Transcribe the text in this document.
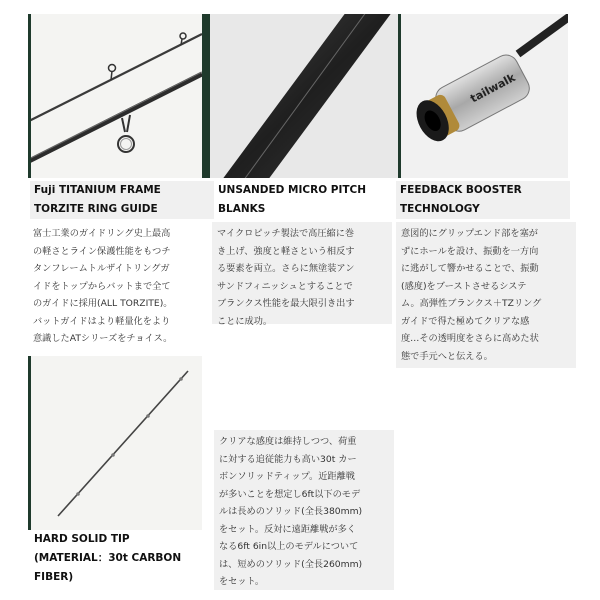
tailwalk
Fuji TITANIUM FRAME
TORZITE RING GUIDE
UNSANDED MICRO PITCH
BLANKS
FEEDBACK BOOSTER
TECHNOLOGY
HARD SOLID TIP
(MATERIAL：30t CARBON
FIBER)
富士工業のガイドリング史上最高
の軽さとライン保護性能をもつチ
タンフレームトルザイトリングガ
イドをトップからバットまで全て
のガイドに採用(ALL TORZITE)。
バットガイドはより軽量化をより
意識したATシリーズをチョイス。
マイクロピッチ製法で高圧縮に巻
き上げ、強度と軽さという相反す
る要素を両立。さらに無塗装アン
サンドフィニッシュとすることで
ブランクス性能を最大限引き出す
ことに成功。
意図的にグリップエンド部を塞が
ずにホールを設け、振動を一方向
に逃がして響かせることで、振動
(感度)をブーストさせるシステ
ム。高弾性ブランクス＋TZリング
ガイドで得た極めてクリアな感
度…その透明度をさらに高めた状
態で手元へと伝える。
クリアな感度は維持しつつ、荷重
に対する追従能力も高い30t カー
ボンソリッドティップ。近距離戦
が多いことを想定し6ft以下のモデ
ルは長めのソリッド(全長380mm)
をセット。反対に遠距離戦が多く
なる6ft 6in以上のモデルについて
は、短めのソリッド(全長260mm)
をセット。
